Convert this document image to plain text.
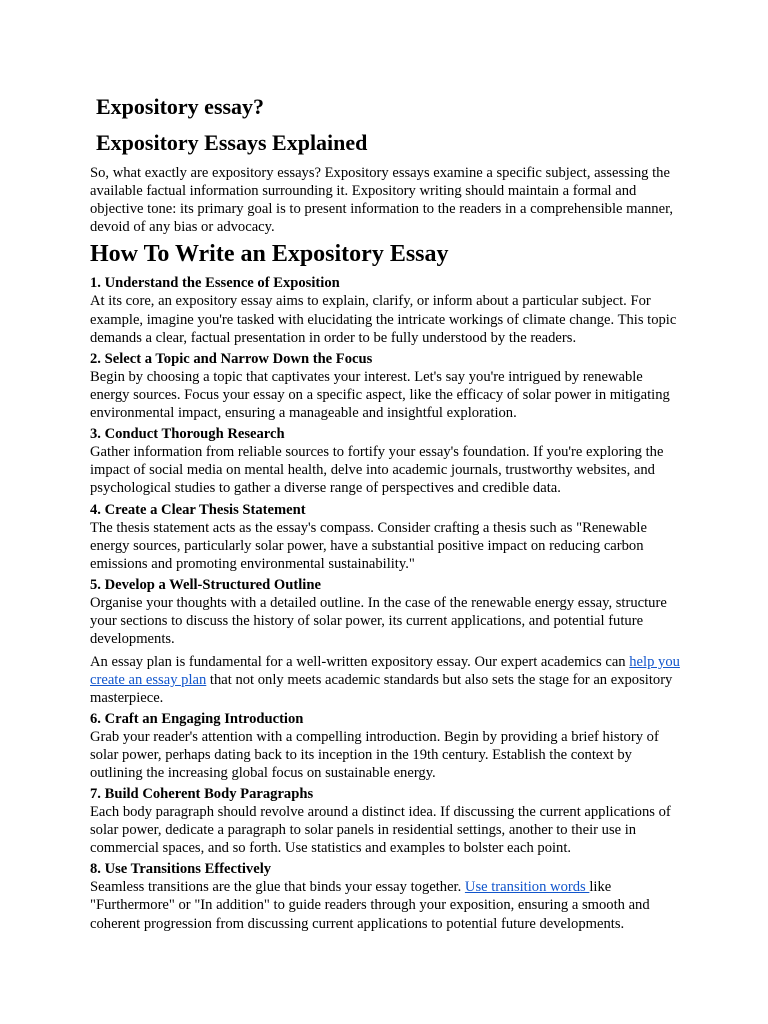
Expository essay?
Expository Essays Explained

So, what exactly are expository essays? Expository essays examine a specific subject, assessing the available factual information surrounding it. Expository writing should maintain a formal and objective tone: its primary goal is to present information to the readers in a comprehensible manner, devoid of any bias or advocacy.

How To Write an Expository Essay
1. Understand the Essence of Exposition

At its core, an expository essay aims to explain, clarify, or inform about a particular subject. For example, imagine you're tasked with elucidating the intricate workings of climate change. This topic demands a clear, factual presentation in order to be fully understood by the readers.

2. Select a Topic and Narrow Down the Focus

Begin by choosing a topic that captivates your interest. Let's say you're intrigued by renewable energy sources. Focus your essay on a specific aspect, like the efficacy of solar power in mitigating environmental impact, ensuring a manageable and insightful exploration.

3. Conduct Thorough Research

Gather information from reliable sources to fortify your essay's foundation. If you're exploring the impact of social media on mental health, delve into academic journals, trustworthy websites, and psychological studies to gather a diverse range of perspectives and credible data.

4. Create a Clear Thesis Statement

The thesis statement acts as the essay's compass. Consider crafting a thesis such as "Renewable energy sources, particularly solar power, have a substantial positive impact on reducing carbon emissions and promoting environmental sustainability."

5. Develop a Well-Structured Outline

Organise your thoughts with a detailed outline. In the case of the renewable energy essay, structure your sections to discuss the history of solar power, its current applications, and potential future developments.

An essay plan is fundamental for a well-written expository essay. Our expert academics can help you create an essay plan that not only meets academic standards but also sets the stage for an expository masterpiece.

6. Craft an Engaging Introduction

Grab your reader's attention with a compelling introduction. Begin by providing a brief history of solar power, perhaps dating back to its inception in the 19th century. Establish the context by outlining the increasing global focus on sustainable energy.

7. Build Coherent Body Paragraphs

Each body paragraph should revolve around a distinct idea. If discussing the current applications of solar power, dedicate a paragraph to solar panels in residential settings, another to their use in commercial spaces, and so forth. Use statistics and examples to bolster each point.

8. Use Transitions Effectively

Seamless transitions are the glue that binds your essay together. Use transition words like "Furthermore" or "In addition" to guide readers through your exposition, ensuring a smooth and coherent progression from discussing current applications to potential future developments.
